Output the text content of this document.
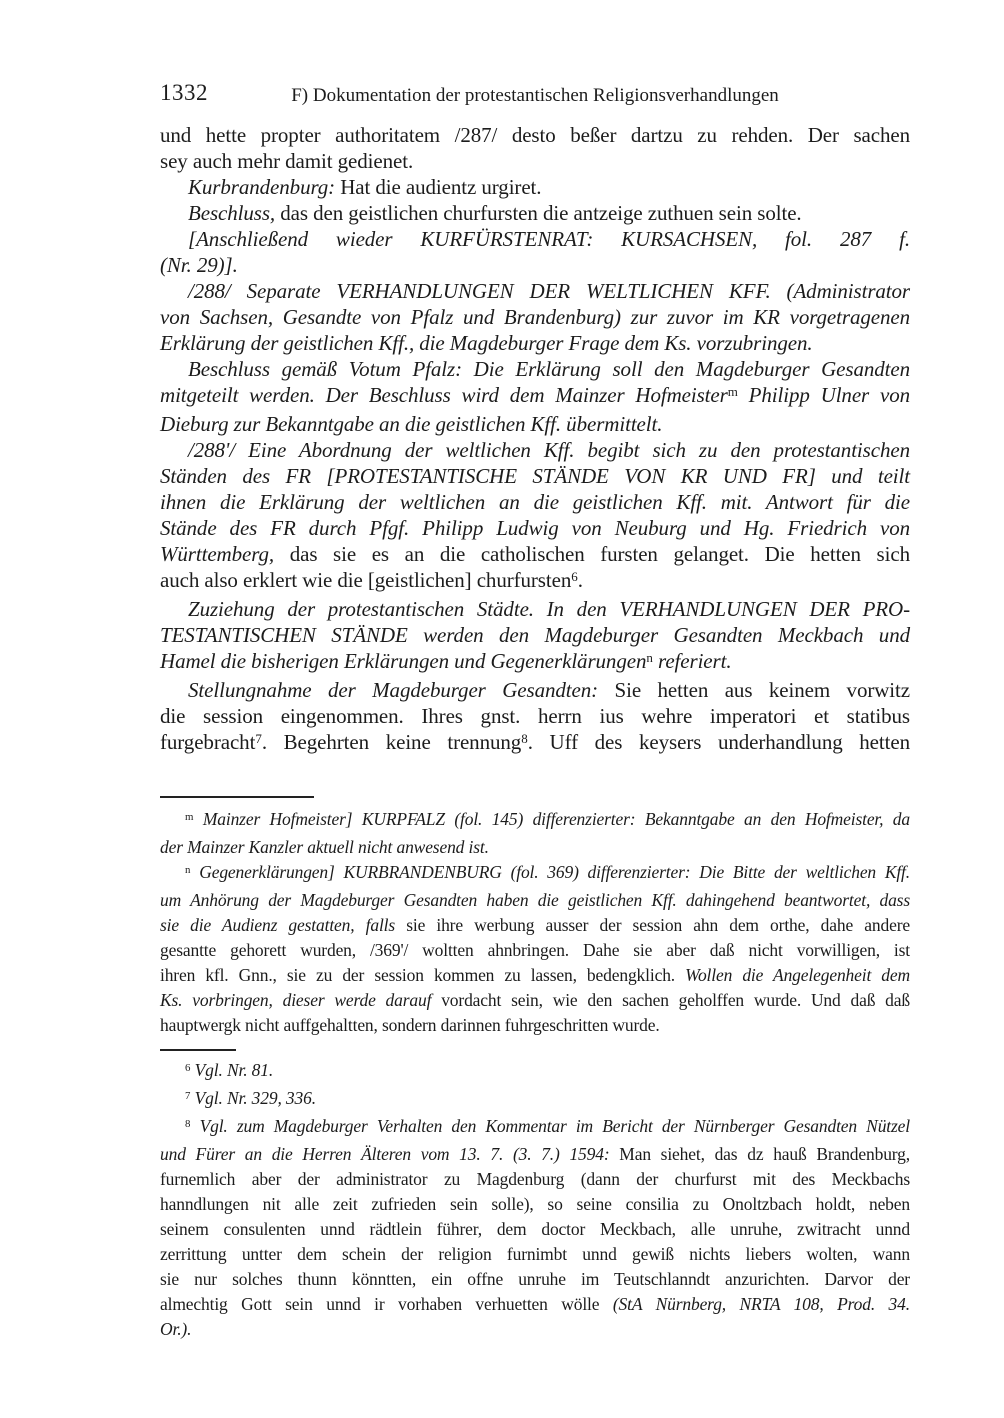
1332	F) Dokumentation der protestantischen Religionsverhandlungen
und hette propter authoritatem /287/ desto beßer dartzu zu rehden. Der sachen
sey auch mehr damit gedienet.
Kurbrandenburg: Hat die audientz urgiret.
Beschluss, das den geistlichen churfursten die antzeige zuthuen sein solte.
[Anschließend wieder KURFÜRSTENRAT: KURSACHSEN, fol. 287 f.
(Nr. 29)].
/288/ Separate VERHANDLUNGEN DER WELTLICHEN KFF. (Administrator
von Sachsen, Gesandte von Pfalz und Brandenburg) zur zuvor im KR vorgetragenen
Erklärung der geistlichen Kff., die Magdeburger Frage dem Ks. vorzubringen.
Beschluss gemäß Votum Pfalz: Die Erklärung soll den Magdeburger Gesandten
mitgeteilt werden. Der Beschluss wird dem Mainzer Hofmeister$^m$ Philipp Ulner von
Dieburg zur Bekanntgabe an die geistlichen Kff. übermittelt.
/288'/ Eine Abordnung der weltlichen Kff. begibt sich zu den protestantischen
Ständen des FR [PROTESTANTISCHE STÄNDE VON KR UND FR] und teilt
ihnen die Erklärung der weltlichen an die geistlichen Kff. mit. Antwort für die
Stände des FR durch Pfgf. Philipp Ludwig von Neuburg und Hg. Friedrich von
Württemberg, das sie es an die catholischen fursten gelanget. Die hetten sich
auch also erklert wie die [geistlichen] churfursten$^6$.
Zuziehung der protestantischen Städte. In den VERHANDLUNGEN DER PRO-
TESTANTISCHEN STÄNDE werden den Magdeburger Gesandten Meckbach und
Hamel die bisherigen Erklärungen und Gegenerklärungen$^n$ referiert.
Stellungnahme der Magdeburger Gesandten: Sie hetten aus keinem vorwitz
die session eingenommen. Ihres gnst. herrn ius wehre imperatori et statibus
furgebracht$^7$. Begehrten keine trennung$^8$. Uff des keysers underhandlung hetten
$^m$ Mainzer Hofmeister] KURPFALZ (fol. 145) differenzierter: Bekanntgabe an den Hofmeister, da
der Mainzer Kanzler aktuell nicht anwesend ist.
$^n$ Gegenerklärungen] KURBRANDENBURG (fol. 369) differenzierter: Die Bitte der weltlichen Kff.
um Anhörung der Magdeburger Gesandten haben die geistlichen Kff. dahingehend beantwortet, dass
sie die Audienz gestatten, falls sie ihre werbung ausser der session ahn dem orthe, dahe andere
gesantte gehorett wurden, /369'/ woltten ahnbringen. Dahe sie aber daß nicht vorwilligen, ist
ihren kfl. Gnn., sie zu der session kommen zu lassen, bedengklich. Wollen die Angelegenheit dem
Ks. vorbringen, dieser werde darauf vordacht sein, wie den sachen geholffen wurde. Und daß daß
hauptwergk nicht auffgehaltten, sondern darinnen fuhrgeschritten wurde.
$^6$ Vgl. Nr. 81.
$^7$ Vgl. Nr. 329, 336.
$^8$ Vgl. zum Magdeburger Verhalten den Kommentar im Bericht der Nürnberger Gesandten Nützel
und Fürer an die Herren Älteren vom 13. 7. (3. 7.) 1594: Man siehet, das dz hauß Brandenburg,
furnemlich aber der administrator zu Magdenburg (dann der churfurst mit des Meckbachs
hanndlungen nit alle zeit zufrieden sein solle), so seine consilia zu Onoltzbach holdt, neben
seinem consulenten unnd rädtlein führer, dem doctor Meckbach, alle unruhe, zwitracht unnd
zerrittung untter dem schein der religion furnimbt unnd gewiß nichts liebers wolten, wann
sie nur solches thunn könntten, ein offne unruhe im Teutschlanndt anzurichten. Darvor der
almechtig Gott sein unnd ir vorhaben verhuetten wölle (StA Nürnberg, NRTA 108, Prod. 34.
Or.).
